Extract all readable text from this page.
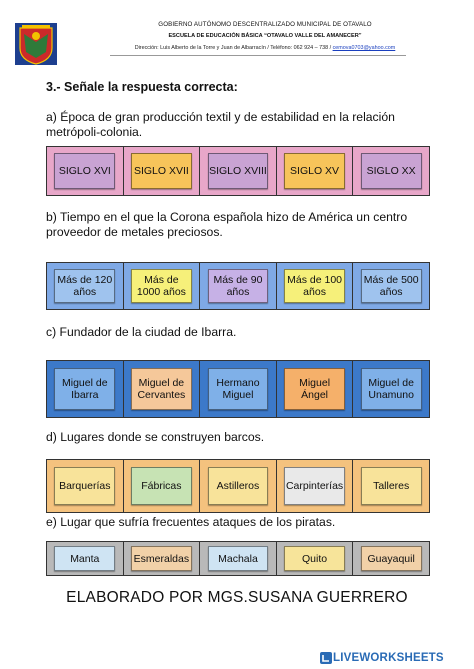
GOBIERNO AUTÓNOMO DESCENTRALIZADO MUNICIPAL DE OTAVALO
ESCUELA DE EDUCACIÓN BÁSICA “OTAVALO VALLE DEL AMANECER”
Dirección: Luis Alberto de la Torre y Juan de Albarracín / Teléfono: 062 924 – 738 / cemova0703@yahoo.com
3.- Señale la respuesta correcta:
a) Época de gran producción textil y de estabilidad en la relación metrópoli-colonia.
SIGLO XVI	SIGLO XVII SIGLO XVIII	SIGLO XV	SIGLO XX
b) Tiempo en el que la Corona española hizo de América un centro proveedor de metales preciosos.
Más de 120 años
Más de 1000 años
Más de 90 años
Más de 100 años
Más de 500 años
c) Fundador de la ciudad de Ibarra.
Miguel de Ibarra
Miguel de Cervantes
Hermano Miguel
Miguel Ángel
Miguel de Unamuno
d) Lugares donde se construyen barcos.
Barquerías	Fábricas	Astilleros	Carpinterías	Talleres
e) Lugar que sufría frecuentes ataques de los piratas.
Manta	Esmeraldas	Machala	Quito	Guayaquil
ELABORADO POR MGS.SUSANA GUERRERO
LIVEWORKSHEETS
